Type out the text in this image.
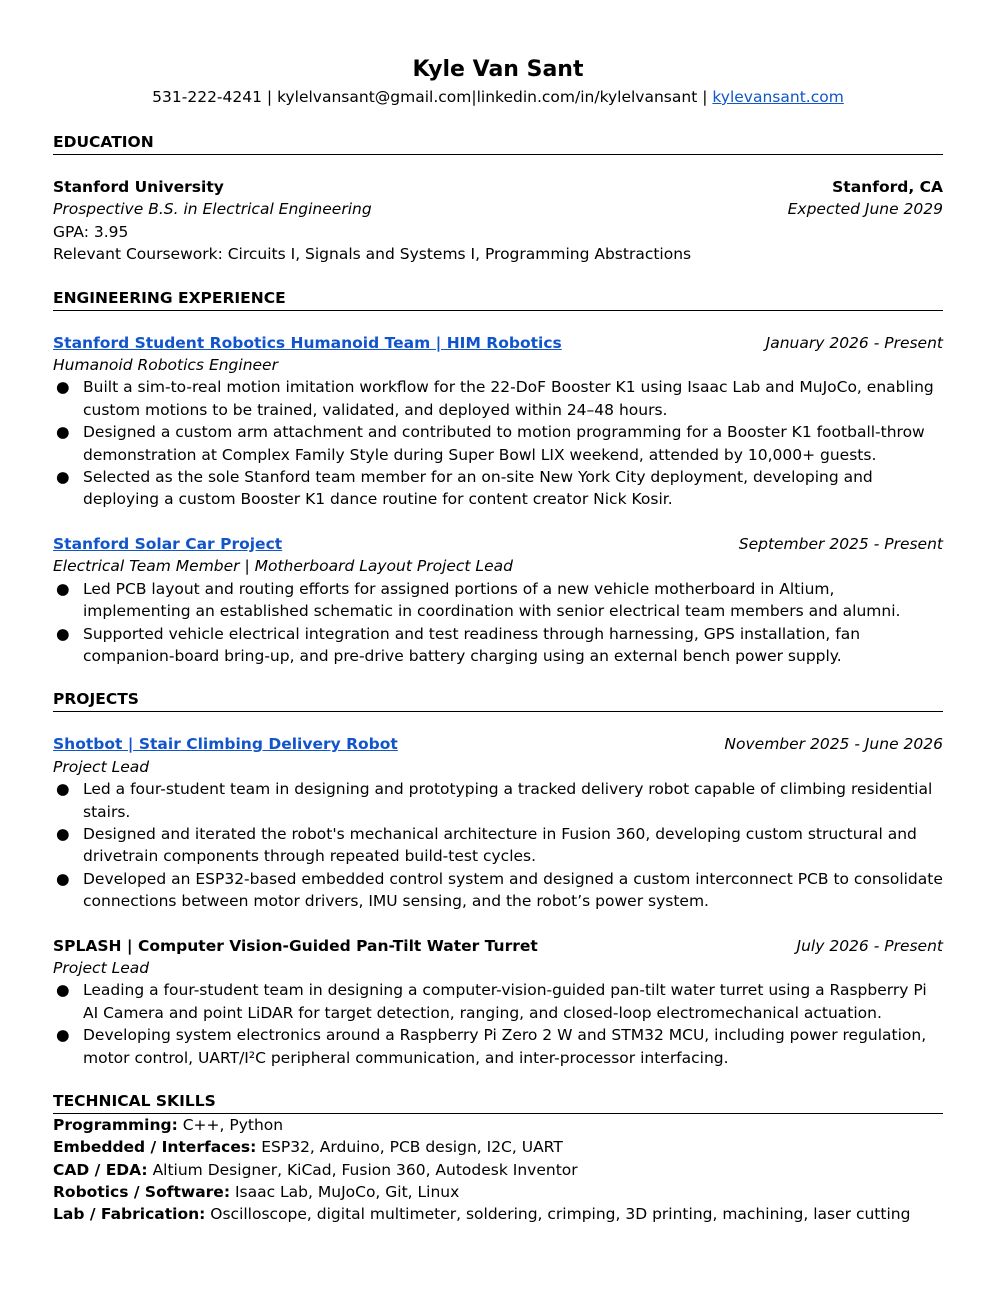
Kyle Van Sant
531-222-4241 | kylelvansant@gmail.com|linkedin.com/in/kylelvansant | kylevansant.com
EDUCATION
Stanford University	Stanford, CA
Prospective B.S. in Electrical Engineering	Expected June 2029
GPA: 3.95
Relevant Coursework: Circuits I, Signals and Systems I, Programming Abstractions
ENGINEERING EXPERIENCE
Stanford Student Robotics Humanoid Team | HIM Robotics	January 2026 - Present
Humanoid Robotics Engineer
● Built a sim-to-real motion imitation workflow for the 22-DoF Booster K1 using Isaac Lab and MuJoCo, enabling custom motions to be trained, validated, and deployed within 24–48 hours.
● Designed a custom arm attachment and contributed to motion programming for a Booster K1 football-throw demonstration at Complex Family Style during Super Bowl LIX weekend, attended by 10,000+ guests.
● Selected as the sole Stanford team member for an on-site New York City deployment, developing and deploying a custom Booster K1 dance routine for content creator Nick Kosir.
Stanford Solar Car Project	September 2025 - Present
Electrical Team Member | Motherboard Layout Project Lead
● Led PCB layout and routing efforts for assigned portions of a new vehicle motherboard in Altium, implementing an established schematic in coordination with senior electrical team members and alumni.
● Supported vehicle electrical integration and test readiness through harnessing, GPS installation, fan companion-board bring-up, and pre-drive battery charging using an external bench power supply.
PROJECTS
Shotbot | Stair Climbing Delivery Robot	November 2025 - June 2026
Project Lead
● Led a four-student team in designing and prototyping a tracked delivery robot capable of climbing residential stairs.
● Designed and iterated the robot's mechanical architecture in Fusion 360, developing custom structural and drivetrain components through repeated build-test cycles.
● Developed an ESP32-based embedded control system and designed a custom interconnect PCB to consolidate connections between motor drivers, IMU sensing, and the robot’s power system.
SPLASH | Computer Vision-Guided Pan-Tilt Water Turret	July 2026 - Present
Project Lead
● Leading a four-student team in designing a computer-vision-guided pan-tilt water turret using a Raspberry Pi AI Camera and point LiDAR for target detection, ranging, and closed-loop electromechanical actuation.
● Developing system electronics around a Raspberry Pi Zero 2 W and STM32 MCU, including power regulation, motor control, UART/I²C peripheral communication, and inter-processor interfacing.
TECHNICAL SKILLS
Programming: C++, Python
Embedded / Interfaces: ESP32, Arduino, PCB design, I2C, UART
CAD / EDA: Altium Designer, KiCad, Fusion 360, Autodesk Inventor
Robotics / Software: Isaac Lab, MuJoCo, Git, Linux
Lab / Fabrication: Oscilloscope, digital multimeter, soldering, crimping, 3D printing, machining, laser cutting
